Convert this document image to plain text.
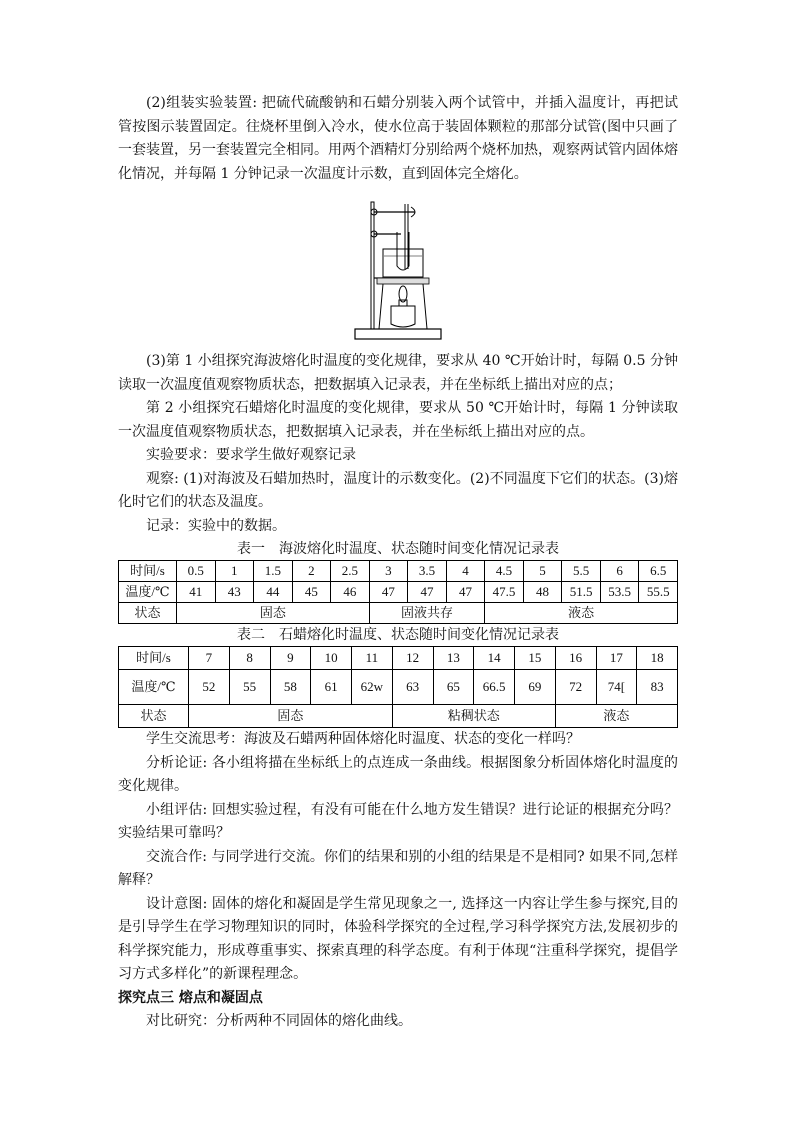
(2)组装实验装置: 把硫代硫酸钠和石蜡分别装入两个试管中，并插入温度计，再把试管按图示装置固定。往烧杯里倒入冷水，使水位高于装固体颗粒的那部分试管(图中只画了一套装置，另一套装置完全相同。用两个酒精灯分别给两个烧杯加热，观察两试管内固体熔化情况，并每隔 1 分钟记录一次温度计示数，直到固体完全熔化。

(3)第 1 小组探究海波熔化时温度的变化规律，要求从 40 ℃开始计时，每隔 0.5 分钟读取一次温度值观察物质状态，把数据填入记录表，并在坐标纸上描出对应的点；

第 2 小组探究石蜡熔化时温度的变化规律，要求从 50 ℃开始计时，每隔 1 分钟读取一次温度值观察物质状态，把数据填入记录表，并在坐标纸上描出对应的点。

实验要求：要求学生做好观察记录

观察: (1)对海波及石蜡加热时，温度计的示数变化。(2)不同温度下它们的状态。(3)熔化时它们的状态及温度。

记录：实验中的数据。

表一　海波熔化时温度、状态随时间变化情况记录表

时间/s	0.5	1	1.5	2	2.5	3	3.5	4	4.5	5	5.5	6	6.5
温度/℃	41	43	44	45	46	47	47	47	47.5	48	51.5	53.5	55.5
状态	固态					固液共存			液态				

表二　石蜡熔化时温度、状态随时间变化情况记录表

时间/s	7	8	9	10	11	12	13	14	15	16	17	18
温度/℃	52	55	58	61	62w	63	65	66.5	69	72	74[	83
状态	固态					粘稠状态				液态		

学生交流思考：海波及石蜡两种固体熔化时温度、状态的变化一样吗？

分析论证: 各小组将描在坐标纸上的点连成一条曲线。根据图象分析固体熔化时温度的变化规律。

小组评估: 回想实验过程，有没有可能在什么地方发生错误？进行论证的根据充分吗？实验结果可靠吗？

交流合作: 与同学进行交流。你们的结果和别的小组的结果是不是相同? 如果不同,怎样解释？

设计意图: 固体的熔化和凝固是学生常见现象之一, 选择这一内容让学生参与探究,目的是引导学生在学习物理知识的同时，体验科学探究的全过程,学习科学探究方法,发展初步的科学探究能力，形成尊重事实、探索真理的科学态度。有利于体现“注重科学探究，提倡学习方式多样化”的新课程理念。

探究点三 熔点和凝固点

对比研究：分析两种不同固体的熔化曲线。
